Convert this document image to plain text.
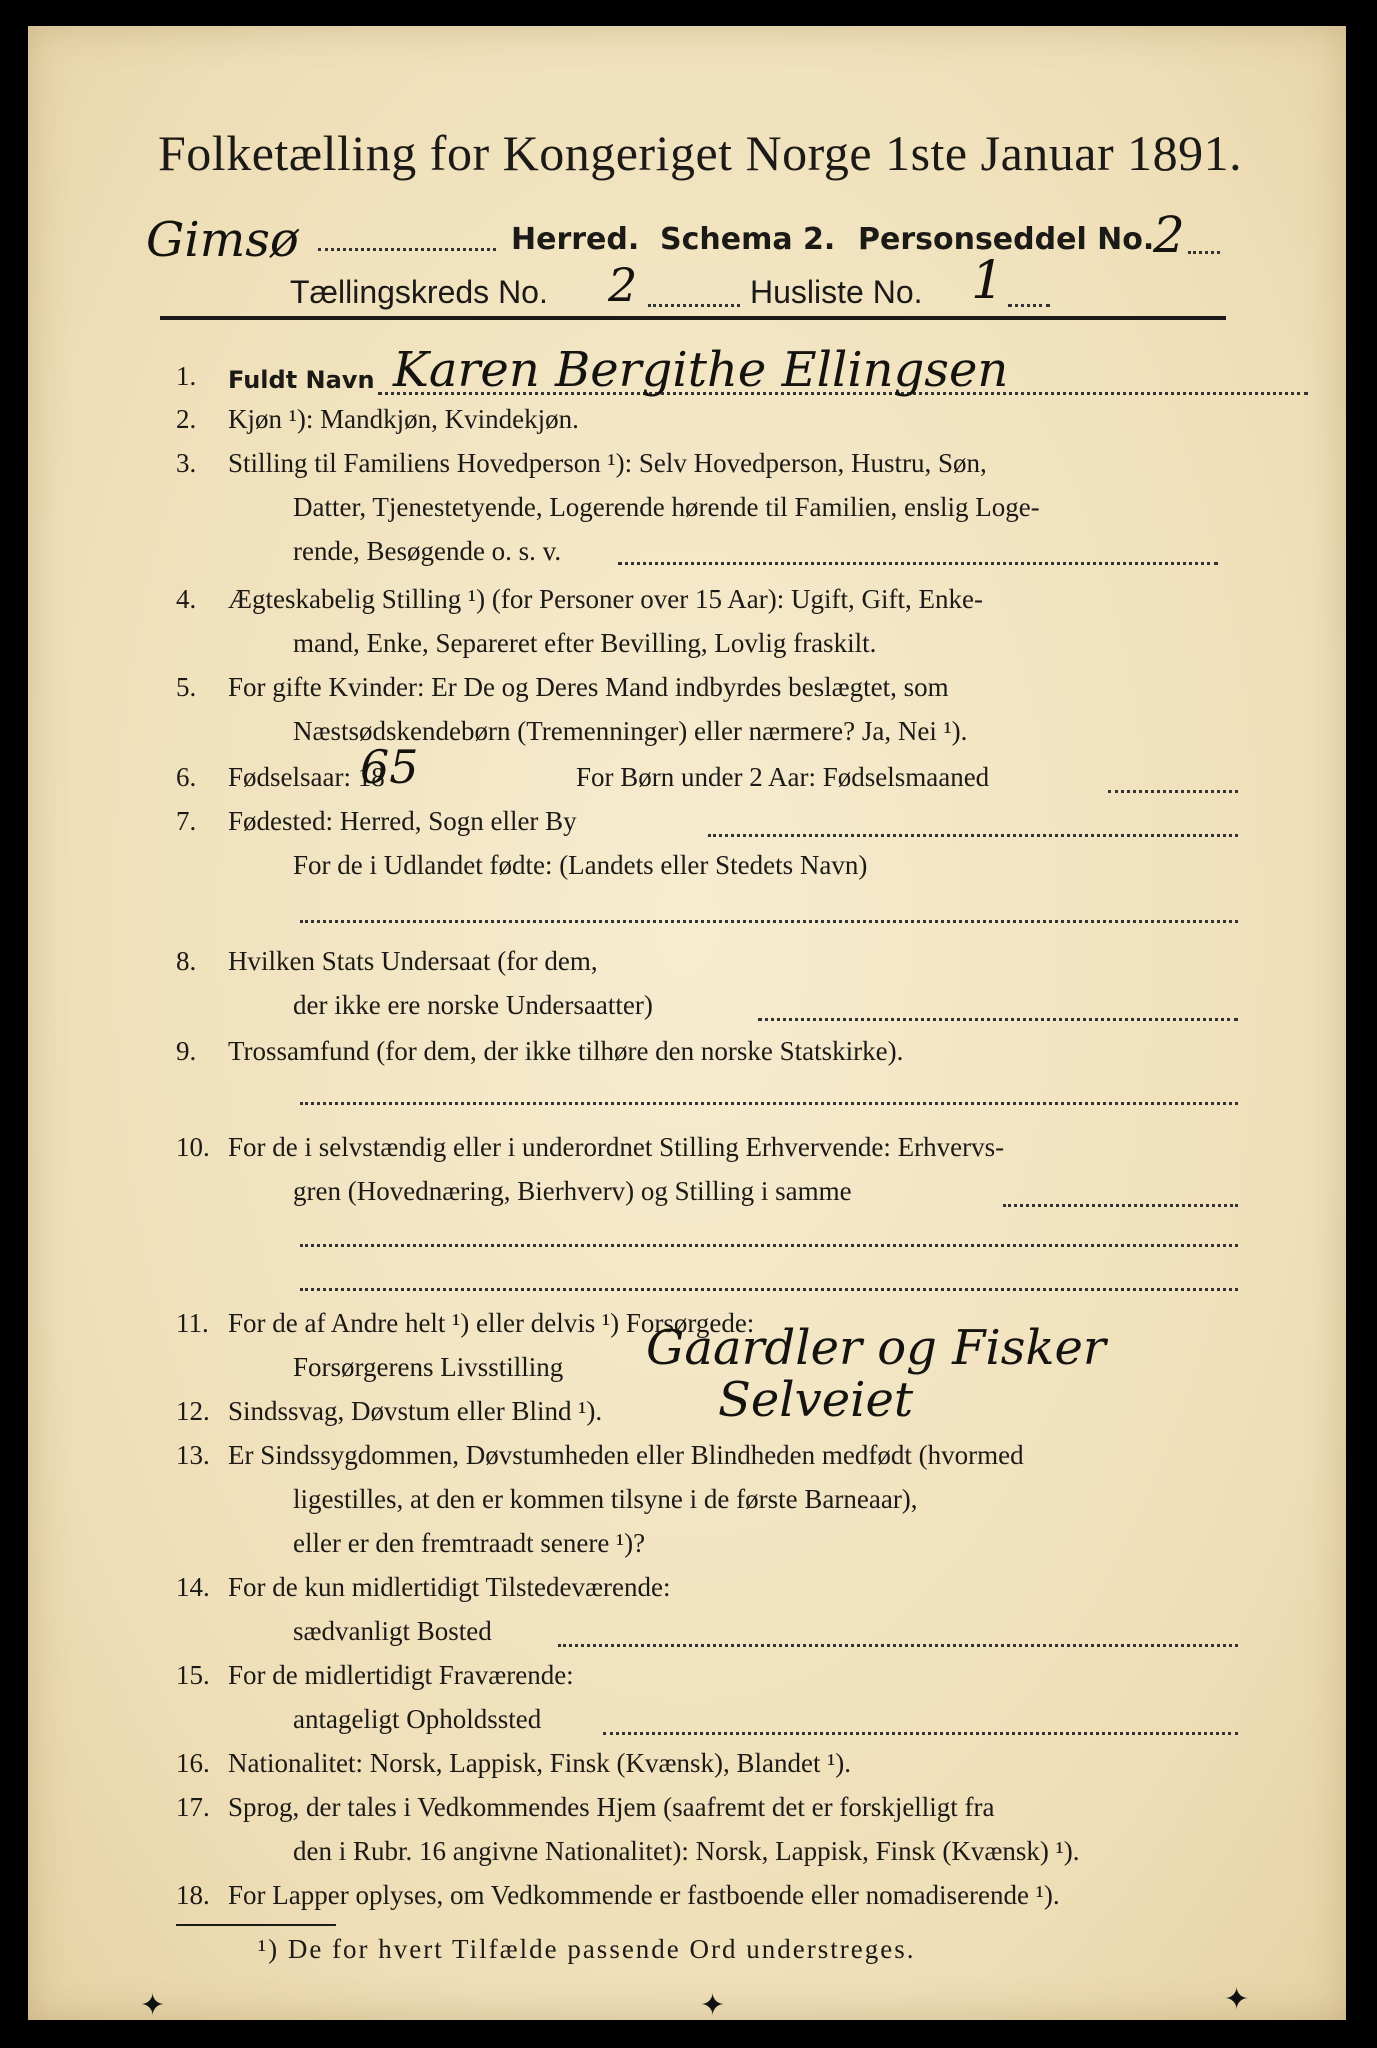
Folketælling for Kongeriget Norge 1ste Januar 1891.
Gimsø	Herred. Schema 2. Personseddel No.
2
Tællingskreds No. 2	Husliste No. 1
1. Fuldt Navn Karen Bergithe Ellingsen
2. Kjøn ¹): Mandkjøn, Kvindekjøn.
3. Stilling til Familiens Hovedperson ¹): Selv Hovedperson, Hustru, Søn,
Datter, Tjenestetyende, Logerende hørende til Familien, enslig Loge-
rende, Besøgende o. s. v.
4. Ægteskabelig Stilling ¹) (for Personer over 15 Aar): Ugift, Gift, Enke-
mand, Enke, Separeret efter Bevilling, Lovlig fraskilt.
5. For gifte Kvinder: Er De og Deres Mand indbyrdes beslægtet, som
Næstsødskendebørn (Tremenninger) eller nærmere? Ja, Nei ¹).
6. Fødselsaar: 18
65	For Børn under 2 Aar: Fødselsmaaned
7. Fødested: Herred, Sogn eller By
For de i Udlandet fødte: (Landets eller Stedets Navn)
8. Hvilken Stats Undersaat (for dem,
der ikke ere norske Undersaatter)
9. Trossamfund (for dem, der ikke tilhøre den norske Statskirke).
10. For de i selvstændig eller i underordnet Stilling Erhvervende: Erhvervs-
gren (Hovednæring, Bierhverv) og Stilling i samme
11. For de af Andre helt ¹) eller delvis ¹) Forsørgede:
Forsørgerens Livsstilling Gaardler og Fisker
12. Sindssvag, Døvstum eller Blind ¹). Selveiet
13. Er Sindssygdommen, Døvstumheden eller Blindheden medfødt (hvormed
ligestilles, at den er kommen tilsyne i de første Barneaar),
eller er den fremtraadt senere ¹)?
14. For de kun midlertidigt Tilstedeværende:
sædvanligt Bosted
15. For de midlertidigt Fraværende:
antageligt Opholdssted
16. Nationalitet: Norsk, Lappisk, Finsk (Kvænsk), Blandet ¹).
17. Sprog, der tales i Vedkommendes Hjem (saafremt det er forskjelligt fra
den i Rubr. 16 angivne Nationalitet): Norsk, Lappisk, Finsk (Kvænsk) ¹).
18. For Lapper oplyses, om Vedkommende er fastboende eller nomadiserende ¹).
¹) De for hvert Tilfælde passende Ord understreges.
✦	✦	✦
